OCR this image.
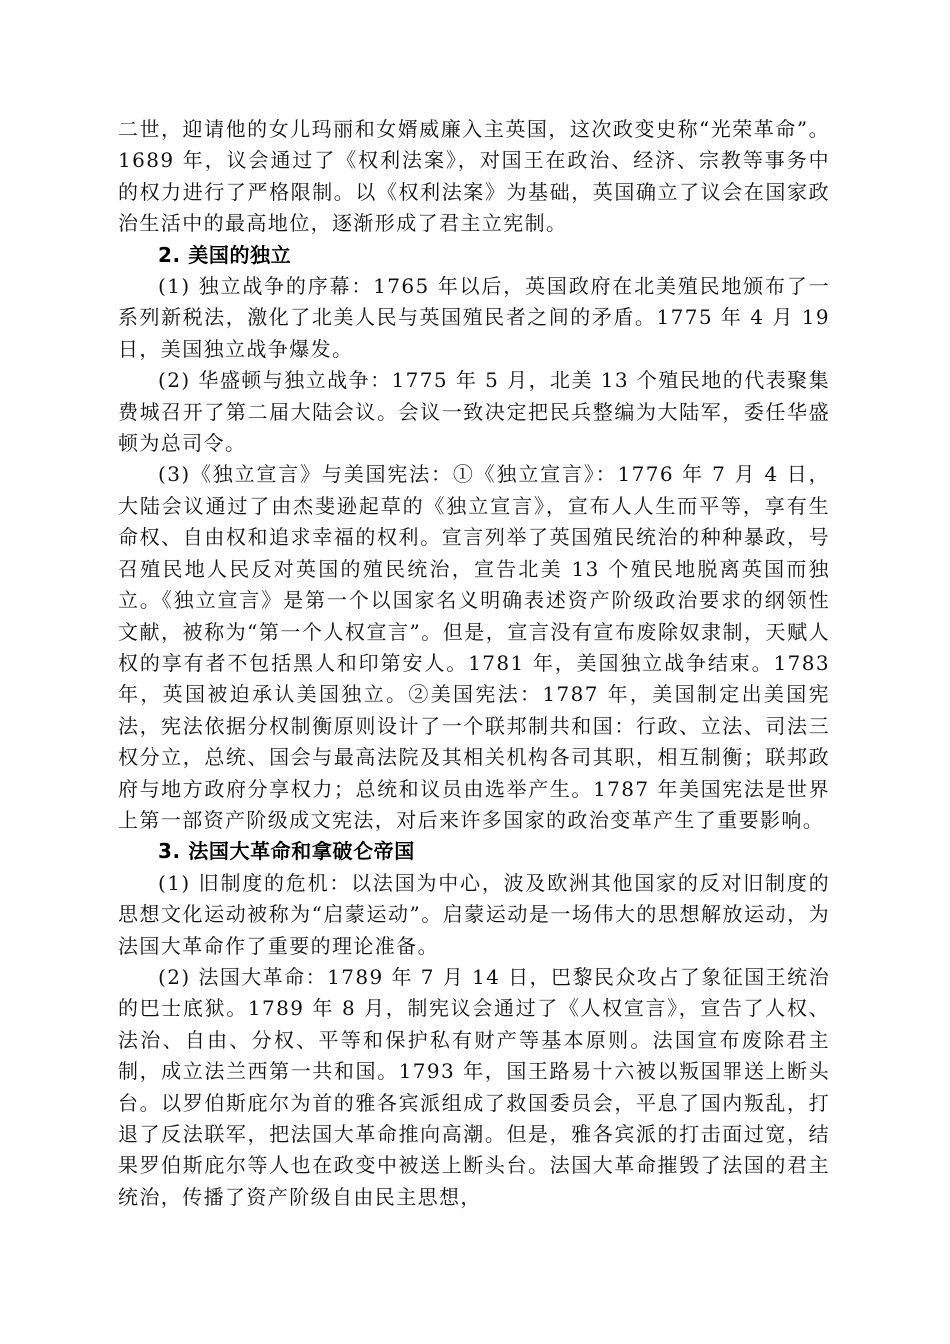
二世，迎请他的女儿玛丽和女婿威廉入主英国，这次政变史称“光荣革命”。1689 年，议会通过了《权利法案》，对国王在政治、经济、宗教等事务中的权力进行了严格限制。以《权利法案》为基础，英国确立了议会在国家政治生活中的最高地位，逐渐形成了君主立宪制。

2. 美国的独立

(1) 独立战争的序幕：1765 年以后，英国政府在北美殖民地颁布了一系列新税法，激化了北美人民与英国殖民者之间的矛盾。1775 年 4 月 19 日，美国独立战争爆发。

(2) 华盛顿与独立战争：1775 年 5 月，北美 13 个殖民地的代表聚集费城召开了第二届大陆会议。会议一致决定把民兵整编为大陆军，委任华盛顿为总司令。

(3)《独立宣言》与美国宪法：①《独立宣言》：1776 年 7 月 4 日，大陆会议通过了由杰斐逊起草的《独立宣言》，宣布人人生而平等，享有生命权、自由权和追求幸福的权利。宣言列举了英国殖民统治的种种暴政，号召殖民地人民反对英国的殖民统治，宣告北美 13 个殖民地脱离英国而独立。《独立宣言》是第一个以国家名义明确表述资产阶级政治要求的纲领性文献，被称为“第一个人权宣言”。但是，宣言没有宣布废除奴隶制，天赋人权的享有者不包括黑人和印第安人。1781 年，美国独立战争结束。1783 年，英国被迫承认美国独立。②美国宪法：1787 年，美国制定出美国宪法，宪法依据分权制衡原则设计了一个联邦制共和国：行政、立法、司法三权分立，总统、国会与最高法院及其相关机构各司其职，相互制衡；联邦政府与地方政府分享权力；总统和议员由选举产生。1787 年美国宪法是世界上第一部资产阶级成文宪法，对后来许多国家的政治变革产生了重要影响。

3. 法国大革命和拿破仑帝国

(1) 旧制度的危机：以法国为中心，波及欧洲其他国家的反对旧制度的思想文化运动被称为“启蒙运动”。启蒙运动是一场伟大的思想解放运动，为法国大革命作了重要的理论准备。

(2) 法国大革命：1789 年 7 月 14 日，巴黎民众攻占了象征国王统治的巴士底狱。1789 年 8 月，制宪议会通过了《人权宣言》，宣告了人权、法治、自由、分权、平等和保护私有财产等基本原则。法国宣布废除君主制，成立法兰西第一共和国。1793 年，国王路易十六被以叛国罪送上断头台。以罗伯斯庇尔为首的雅各宾派组成了救国委员会，平息了国内叛乱，打退了反法联军，把法国大革命推向高潮。但是，雅各宾派的打击面过宽，结果罗伯斯庇尔等人也在政变中被送上断头台。法国大革命摧毁了法国的君主统治，传播了资产阶级自由民主思想，
